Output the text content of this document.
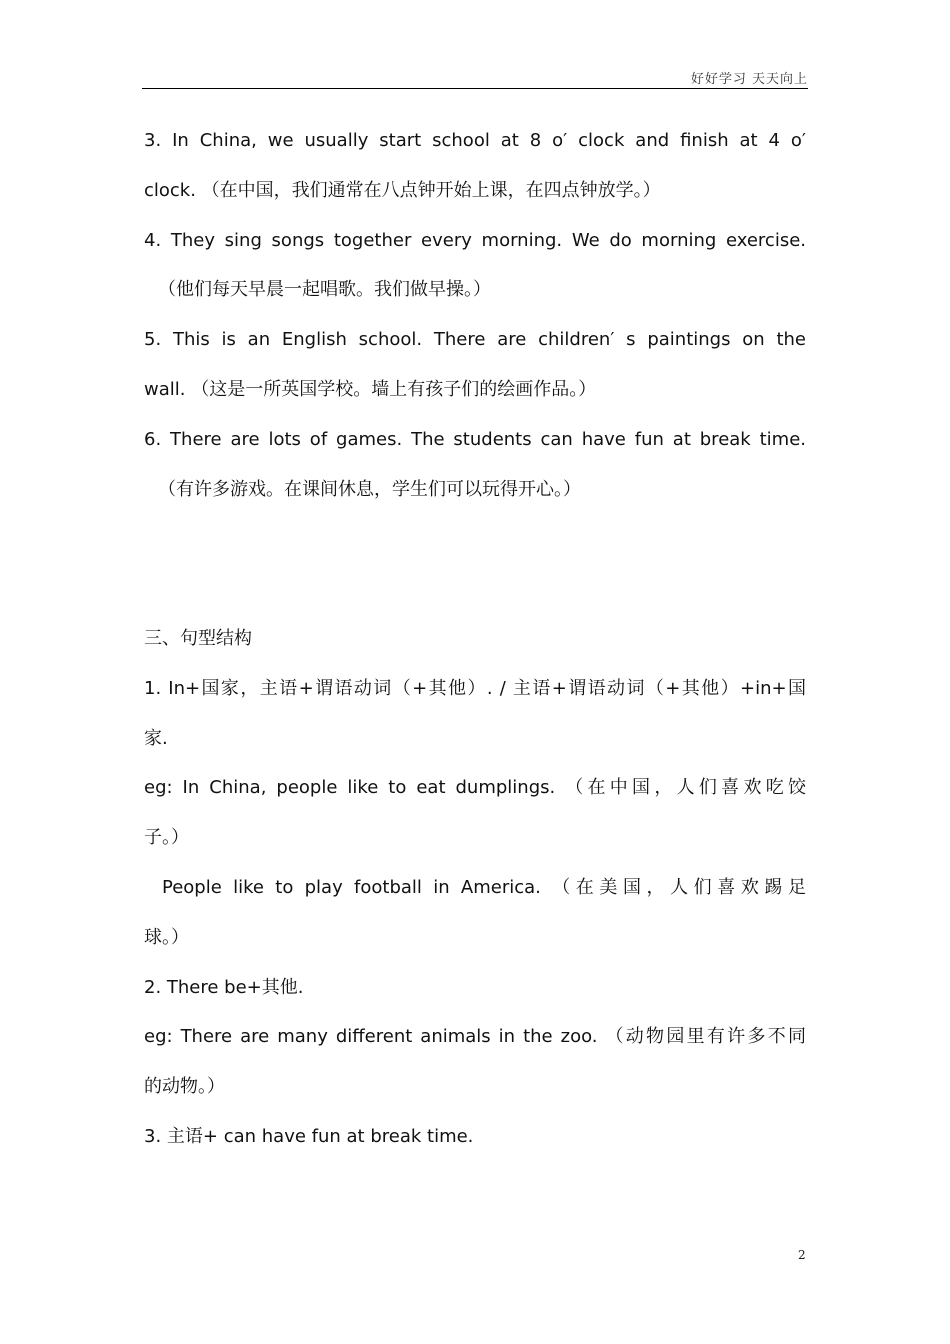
好好学习 天天向上
3. In China, we usually start school at 8 o′ clock and finish at 4 o′
clock. （在中国，我们通常在八点钟开始上课，在四点钟放学。）
4. They sing songs together every morning. We do morning exercise.
（他们每天早晨一起唱歌。我们做早操。）
5. This is an English school. There are children′ s paintings on the
wall. （这是一所英国学校。墙上有孩子们的绘画作品。）
6. There are lots of games. The students can have fun at break time.
（有许多游戏。在课间休息，学生们可以玩得开心。）
三、句型结构
1. In+国家，主语+谓语动词（+其他）. / 主语+谓语动词（+其他）+in+国
家.
eg: In China, people like to eat dumplings. （在中国，人们喜欢吃饺
子。）
People like to play football in America. （在美国，人们喜欢踢足
球。）
2. There be+其他.
eg: There are many different animals in the zoo. （动物园里有许多不同
的动物。）
3. 主语+ can have fun at break time.
2
